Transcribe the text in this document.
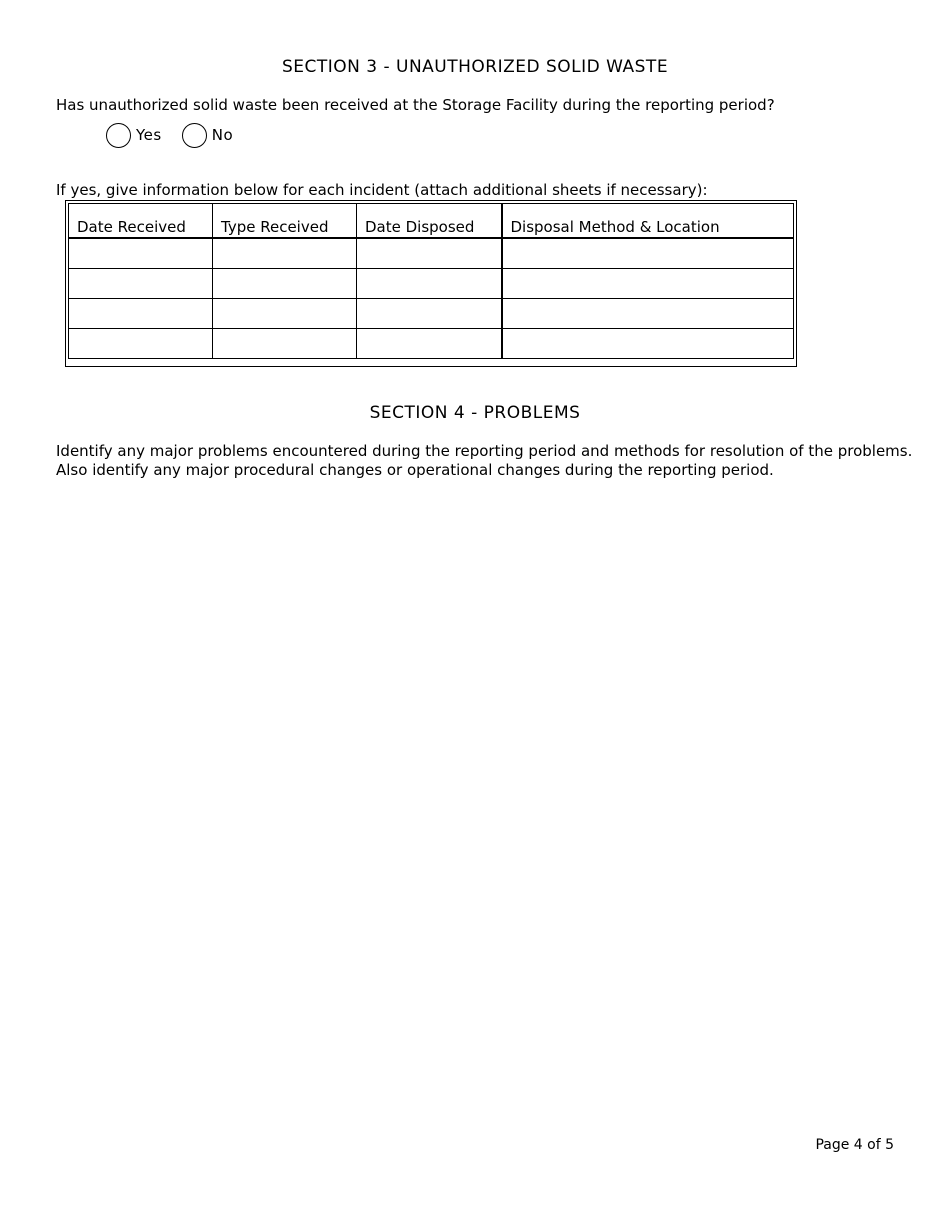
SECTION 3 - UNAUTHORIZED SOLID WASTE
Has unauthorized solid waste been received at the Storage Facility during the reporting period?
Yes	No
If yes, give information below for each incident (attach additional sheets if necessary):
Date Received	Type Received	Date Disposed	Disposal Method & Location

SECTION 4 - PROBLEMS
Identify any major problems encountered during the reporting period and methods for resolution of the problems. Also identify any major procedural changes or operational changes during the reporting period.
Page 4 of 5
